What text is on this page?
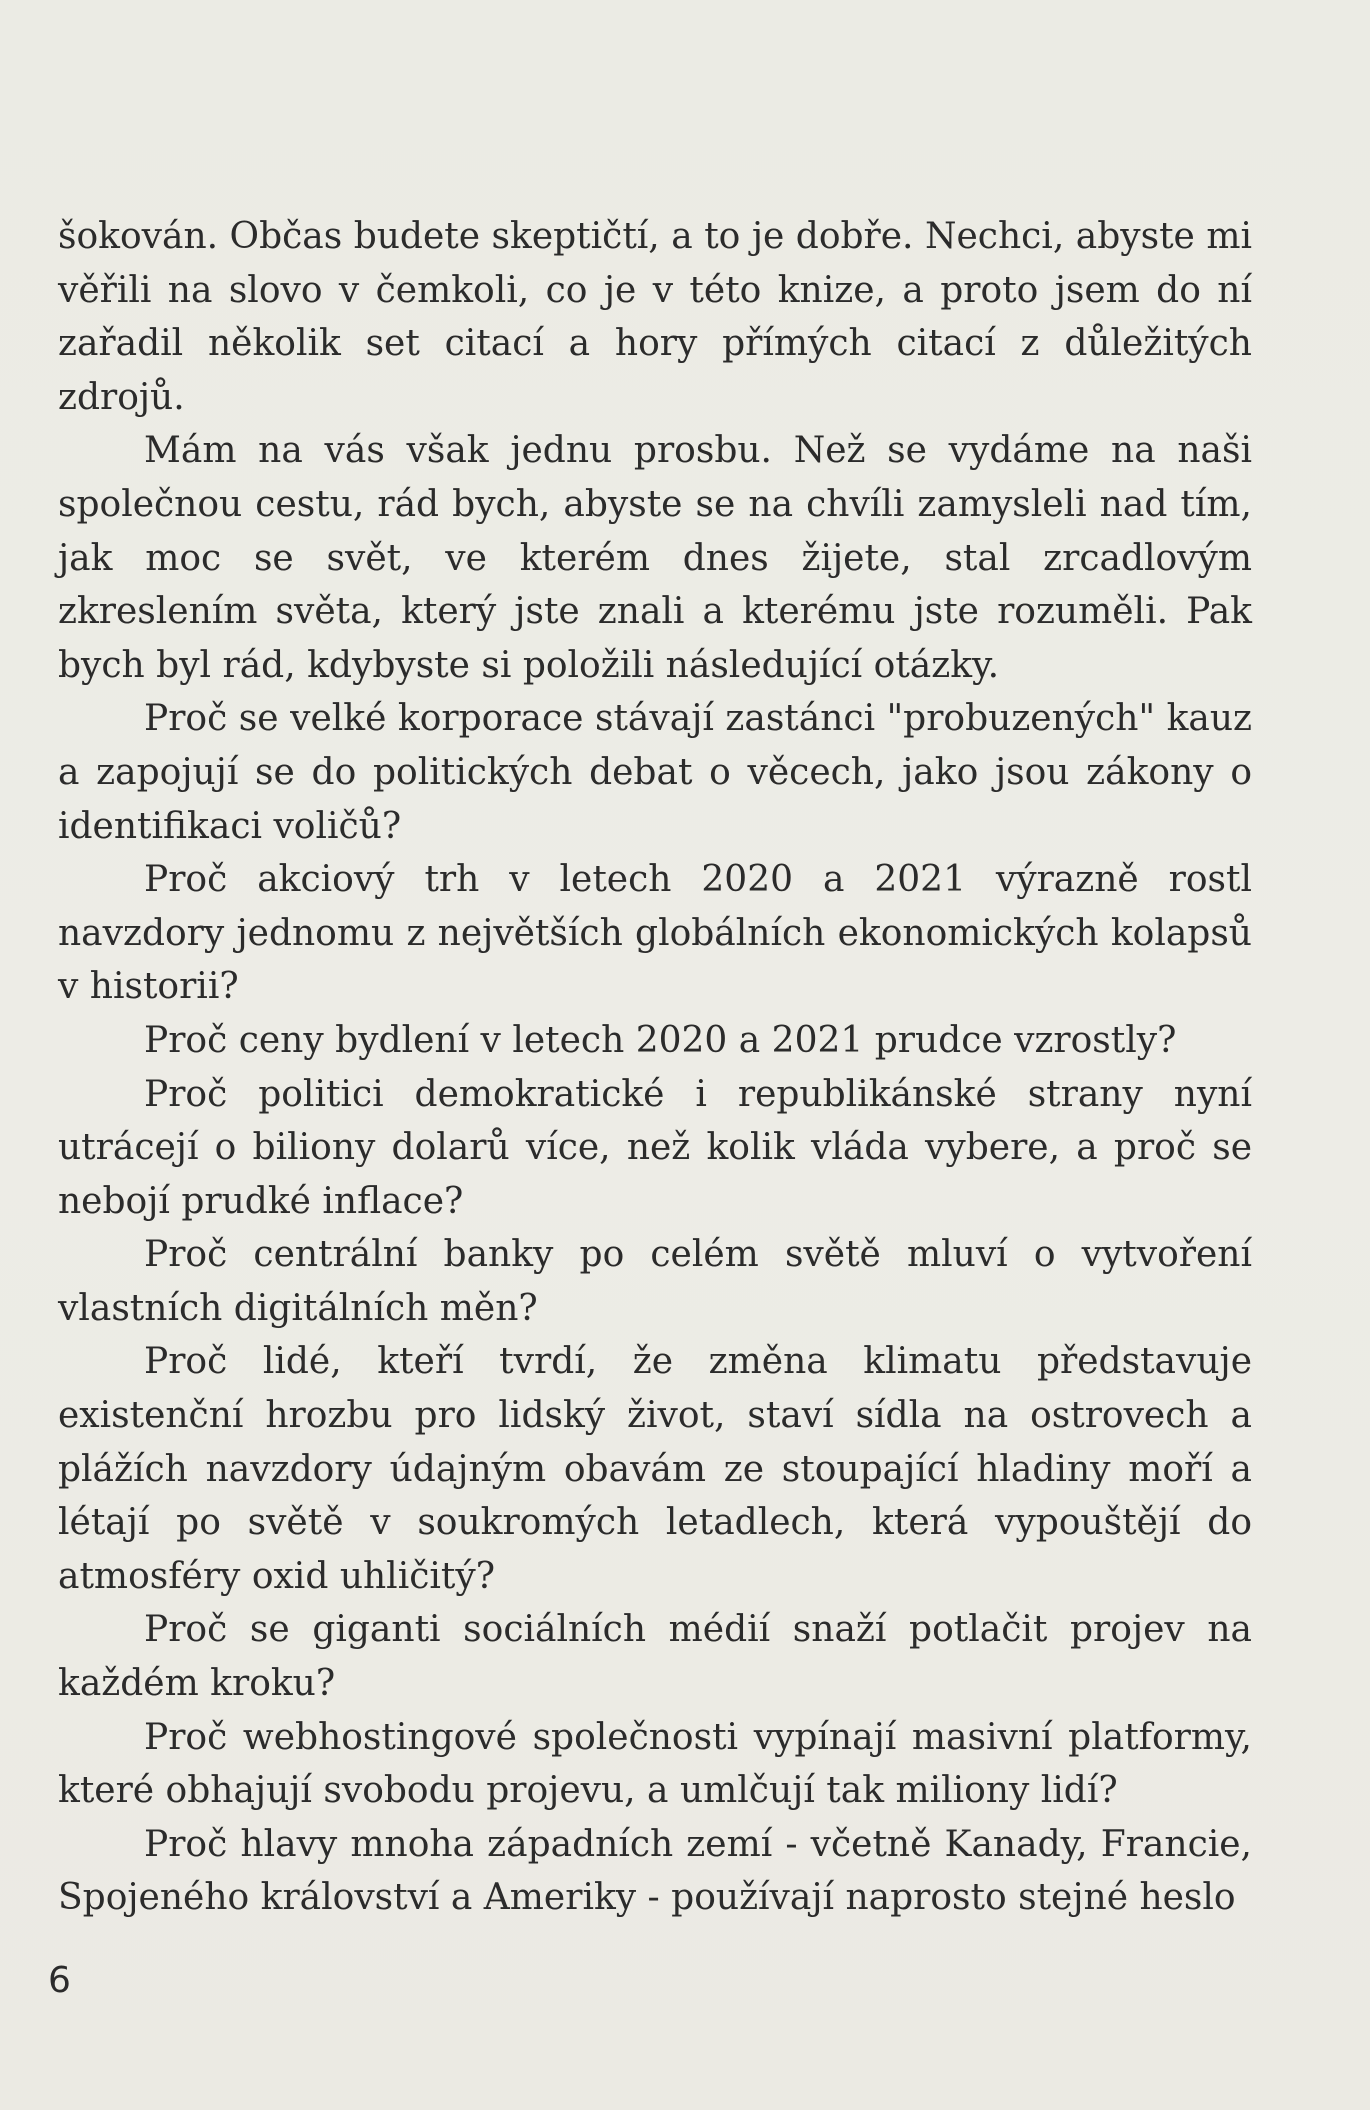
šokován. Občas budete skeptičtí, a to je dobře. Nechci, abyste mi věřili na slovo v čemkoli, co je v této knize, a proto jsem do ní zařadil několik set citací a hory přímých citací z důležitých zdrojů.

Mám na vás však jednu prosbu. Než se vydáme na naši společnou cestu, rád bych, abyste se na chvíli zamysleli nad tím, jak moc se svět, ve kterém dnes žijete, stal zrcadlovým zkreslením světa, který jste znali a kterému jste rozuměli. Pak bych byl rád, kdybyste si položili následující otázky.

Proč se velké korporace stávají zastánci "probuzených" kauz a zapojují se do politických debat o věcech, jako jsou zákony o identifikaci voličů?

Proč akciový trh v letech 2020 a 2021 výrazně rostl navzdory jednomu z největších globálních ekonomických kolapsů v historii?

Proč ceny bydlení v letech 2020 a 2021 prudce vzrostly?

Proč politici demokratické i republikánské strany nyní utrácejí o biliony dolarů více, než kolik vláda vybere, a proč se nebojí prudké inflace?

Proč centrální banky po celém světě mluví o vytvoření vlastních digitálních měn?

Proč lidé, kteří tvrdí, že změna klimatu představuje existenční hrozbu pro lidský život, staví sídla na ostrovech a plážích navzdory údajným obavám ze stoupající hladiny moří a létají po světě v soukromých letadlech, která vypouštějí do atmosféry oxid uhličitý?

Proč se giganti sociálních médií snaží potlačit projev na každém kroku?

Proč webhostingové společnosti vypínají masivní platformy, které obhajují svobodu projevu, a umlčují tak miliony lidí?

Proč hlavy mnoha západních zemí - včetně Kanady, Francie, Spojeného království a Ameriky - používají naprosto stejné heslo

6
